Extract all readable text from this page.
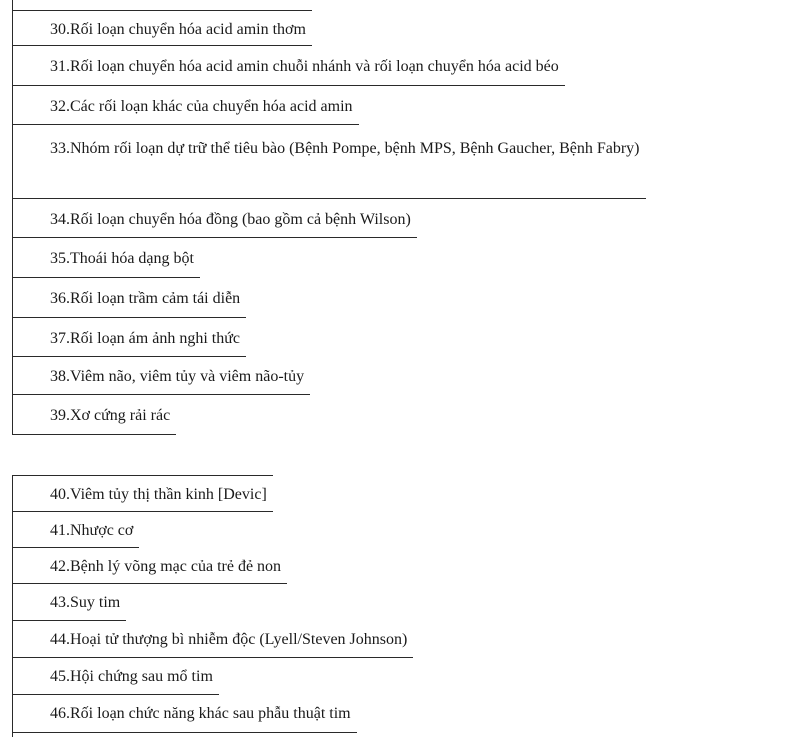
30.Rối loạn chuyển hóa acid amin thơm
31.Rối loạn chuyển hóa acid amin chuỗi nhánh và rối loạn chuyển hóa acid béo
32.Các rối loạn khác của chuyển hóa acid amin
33.Nhóm rối loạn dự trữ thể tiêu bào (Bệnh Pompe, bệnh MPS, Bệnh Gaucher, Bệnh Fabry)
34.Rối loạn chuyển hóa đồng (bao gồm cả bệnh Wilson)
35.Thoái hóa dạng bột
36.Rối loạn trầm cảm tái diễn
37.Rối loạn ám ảnh nghi thức
38.Viêm não, viêm tủy và viêm não-tủy
39.Xơ cứng rải rác
40.Viêm tủy thị thần kinh [Devic]
41.Nhược cơ
42.Bệnh lý võng mạc của trẻ đẻ non
43.Suy tim
44.Hoại tử thượng bì nhiễm độc (Lyell/Steven Johnson)
45.Hội chứng sau mổ tim
46.Rối loạn chức năng khác sau phẫu thuật tim
